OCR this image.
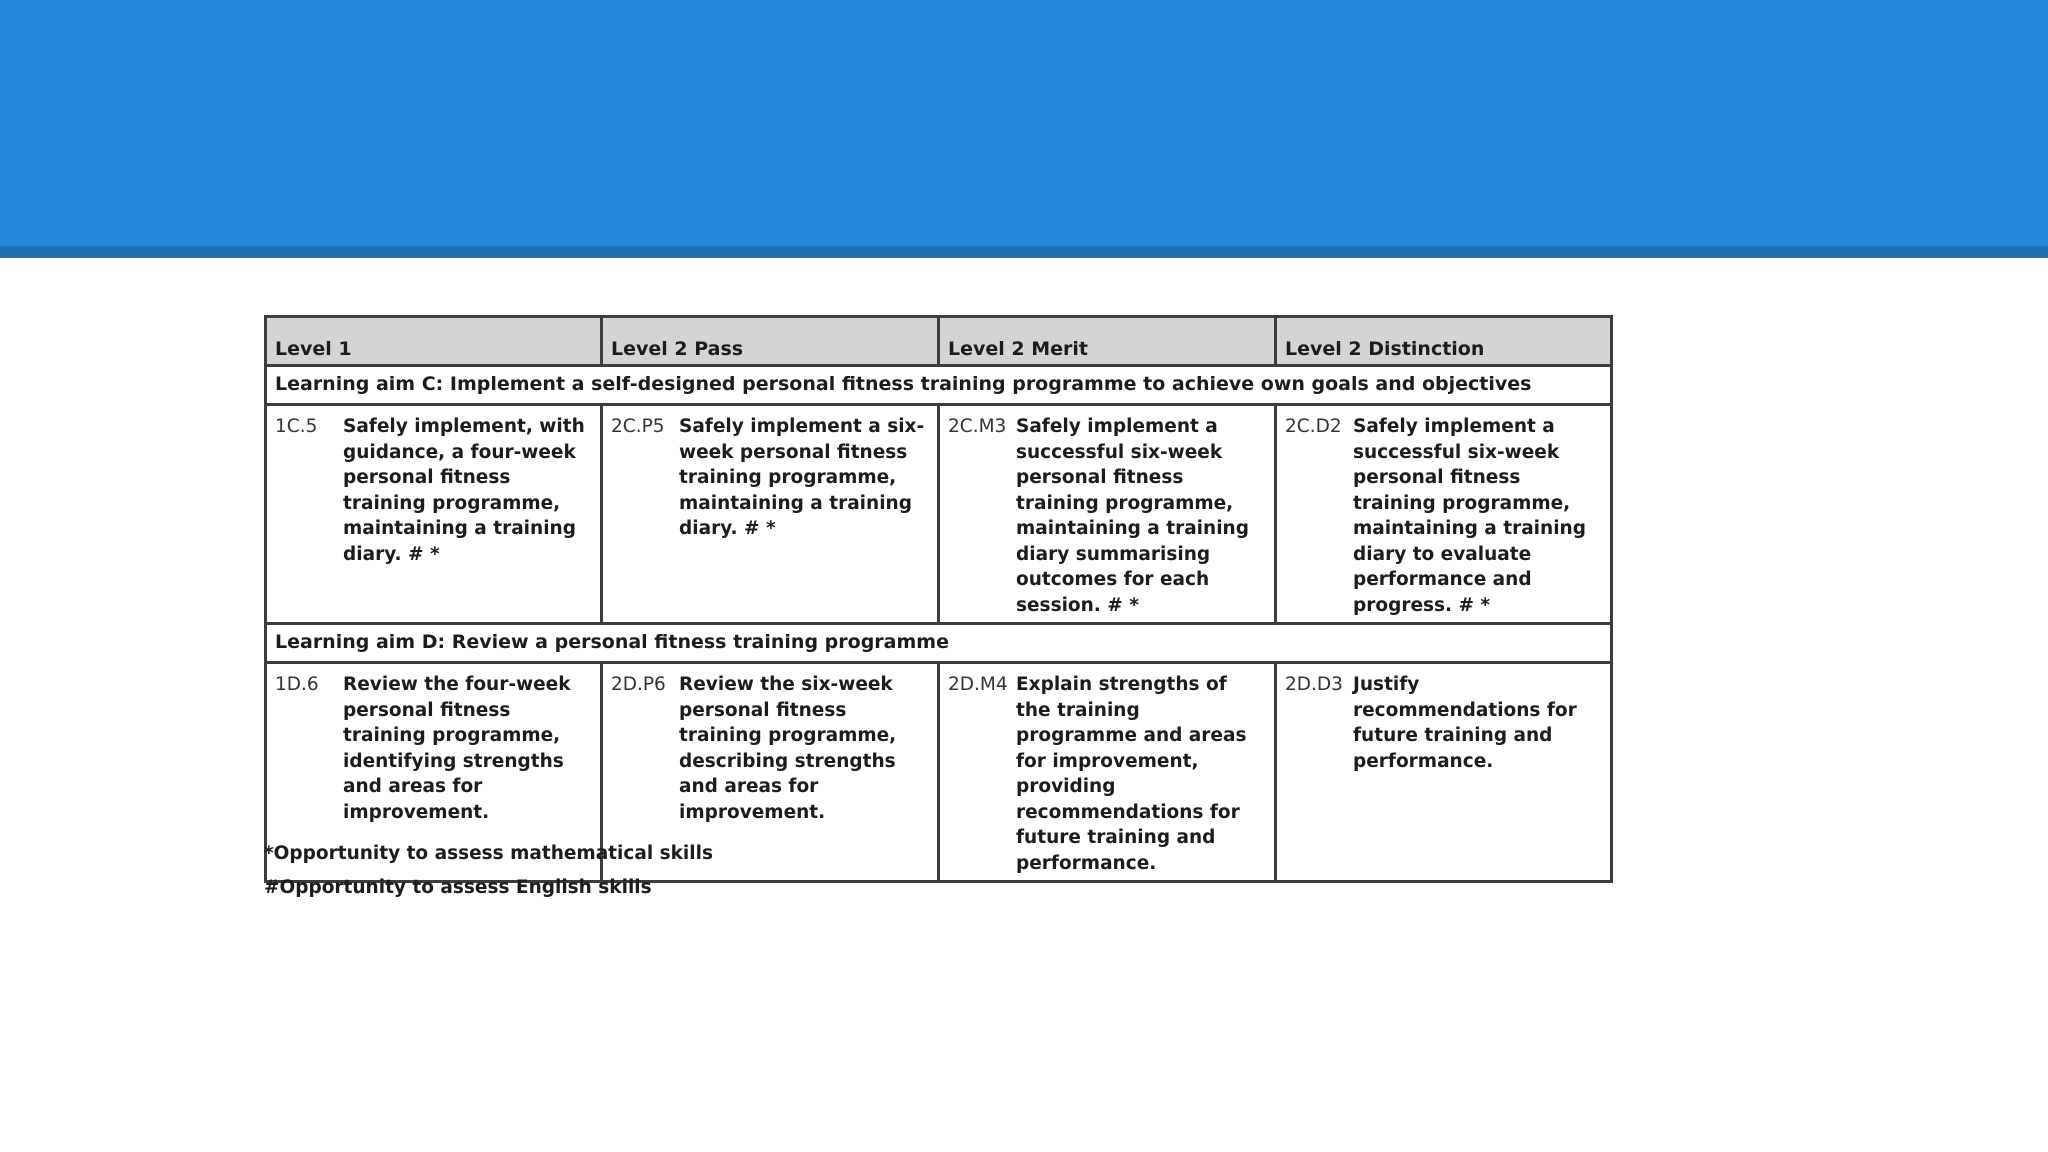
Level 1	Level 2 Pass	Level 2 Merit	Level 2 Distinction
Learning aim C: Implement a self-designed personal fitness training programme to achieve own goals and objectives			

1C.5 Safely implement, with guidance, a four-week personal fitness training programme, maintaining a training diary. # *	2C.P5 Safely implement a six-week personal fitness training programme, maintaining a training diary. # *	2C.M3 Safely implement a successful six-week personal fitness training programme, maintaining a training diary summarising outcomes for each session. # *	2C.D2 Safely implement a successful six-week personal fitness training programme, maintaining a training diary to evaluate performance and progress. # *

Learning aim D: Review a personal fitness training programme			

1D.6 Review the four-week personal fitness training programme, identifying strengths and areas for improvement.	2D.P6 Review the six-week personal fitness training programme, describing strengths and areas for improvement.	2D.M4 Explain strengths of the training programme and areas for improvement, providing recommendations for future training and performance.	2D.D3 Justify recommendations for future training and performance.
*Opportunity to assess mathematical skills
#Opportunity to assess English skills
